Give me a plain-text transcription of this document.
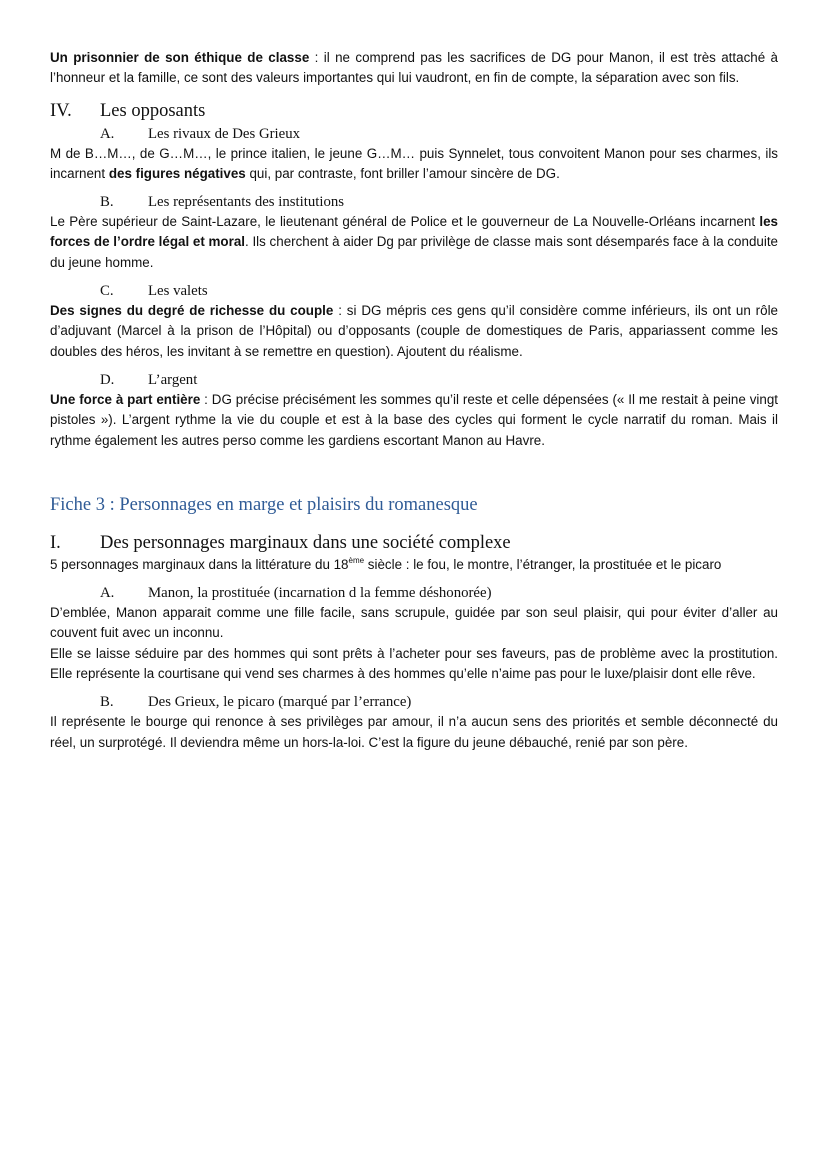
Un prisonnier de son éthique de classe : il ne comprend pas les sacrifices de DG pour Manon, il est très attaché à l’honneur et la famille, ce sont des valeurs importantes qui lui vaudront, en fin de compte, la séparation avec son fils.

IV.	Les opposants
A.	Les rivaux de Des Grieux

M de B…M…, de G…M…, le prince italien, le jeune G…M… puis Synnelet, tous convoitent Manon pour ses charmes, ils incarnent des figures négatives qui, par contraste, font briller l’amour sincère de DG.

B.	Les représentants des institutions

Le Père supérieur de Saint-Lazare, le lieutenant général de Police et le gouverneur de La Nouvelle-Orléans incarnent les forces de l’ordre légal et moral. Ils cherchent à aider Dg par privilège de classe mais sont désemparés face à la conduite du jeune homme.

C.	Les valets

Des signes du degré de richesse du couple : si DG mépris ces gens qu’il considère comme inférieurs, ils ont un rôle d’adjuvant (Marcel à la prison de l’Hôpital) ou d’opposants (couple de domestiques de Paris, appariassent comme les doubles des héros, les invitant à se remettre en question). Ajoutent du réalisme.

D.	L’argent

Une force à part entière : DG précise précisément les sommes qu’il reste et celle dépensées (« Il me restait à peine vingt pistoles »). L’argent rythme la vie du couple et est à la base des cycles qui forment le cycle narratif du roman. Mais il rythme également les autres perso comme les gardiens escortant Manon au Havre.

Fiche 3 : Personnages en marge et plaisirs du romanesque
I.	Des personnages marginaux dans une société complexe

5 personnages marginaux dans la littérature du 18ème siècle : le fou, le montre, l’étranger, la prostituée et le picaro

A.	Manon, la prostituée (incarnation d la femme déshonorée)

D’emblée, Manon apparait comme une fille facile, sans scrupule, guidée par son seul plaisir, qui pour éviter d’aller au couvent fuit avec un inconnu.

Elle se laisse séduire par des hommes qui sont prêts à l’acheter pour ses faveurs, pas de problème avec la prostitution. Elle représente la courtisane qui vend ses charmes à des hommes qu’elle n’aime pas pour le luxe/plaisir dont elle rêve.

B.	Des Grieux, le picaro (marqué par l’errance)

Il représente le bourge qui renonce à ses privilèges par amour, il n’a aucun sens des priorités et semble déconnecté du réel, un surprotégé. Il deviendra même un hors-la-loi. C’est la figure du jeune débauché, renié par son père.
